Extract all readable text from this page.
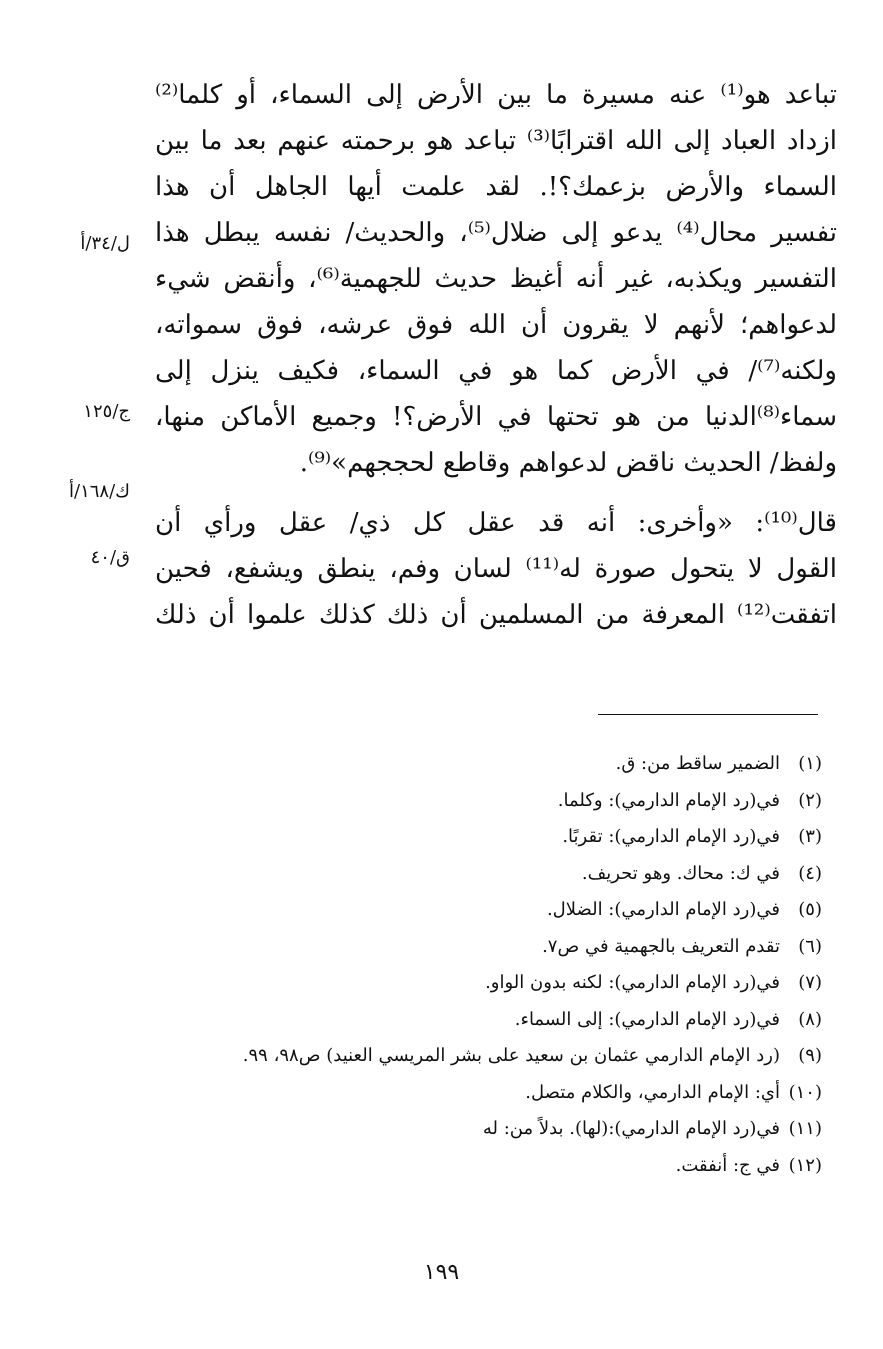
تباعد هو⁽¹⁾ عنه مسيرة ما بين الأرض إلى السماء، أو كلما⁽²⁾
ازداد العباد إلى الله اقترابًا⁽³⁾ تباعد هو برحمته عنهم بعد ما بين
السماء والأرض بزعمك؟!. لقد علمت أيها الجاهل أن هذا
تفسير محال⁽⁴⁾ يدعو إلى ضلال⁽⁵⁾، والحديث/ نفسه يبطل هذا
التفسير ويكذبه، غير أنه أغيظ حديث للجهمية⁽⁶⁾، وأنقض شيء
لدعواهم؛ لأنهم لا يقرون أن الله فوق عرشه، فوق سمواته،
ولكنه⁽⁷⁾/ في الأرض كما هو في السماء، فكيف ينزل إلى
سماء⁽⁸⁾الدنيا من هو تحتها في الأرض؟! وجميع الأماكن منها،
ولفظ/ الحديث ناقض لدعواهم وقاطع لحججهم»⁽⁹⁾.
قال⁽¹⁰⁾: «وأخرى: أنه قد عقل كل ذي/ عقل ورأي أن
القول لا يتحول صورة له⁽¹¹⁾ لسان وفم، ينطق ويشفع، فحين
اتفقت⁽¹²⁾ المعرفة من المسلمين أن ذلك كذلك علموا أن ذلك
ل/٣٤/أ
ج/١٢٥
ك/١٦٨/أ
ق/٤٠
(١)الضمير ساقط من: ق.
(٢)في(رد الإمام الدارمي): وكلما.
(٣)في(رد الإمام الدارمي): تقربًا.
(٤)في ك: محاك. وهو تحريف.
(٥)في(رد الإمام الدارمي): الضلال.
(٦)تقدم التعريف بالجهمية في ص٧.
(٧)في(رد الإمام الدارمي): لكنه بدون الواو.
(٨)في(رد الإمام الدارمي): إلى السماء.
(٩)(رد الإمام الدارمي عثمان بن سعيد على بشر المريسي العنيد) ص٩٨، ٩٩.
(١٠)أي: الإمام الدارمي، والكلام متصل.
(١١)في(رد الإمام الدارمي):(لها). بدلاً من: له
(١٢)في ج: أنفقت.
١٩٩
